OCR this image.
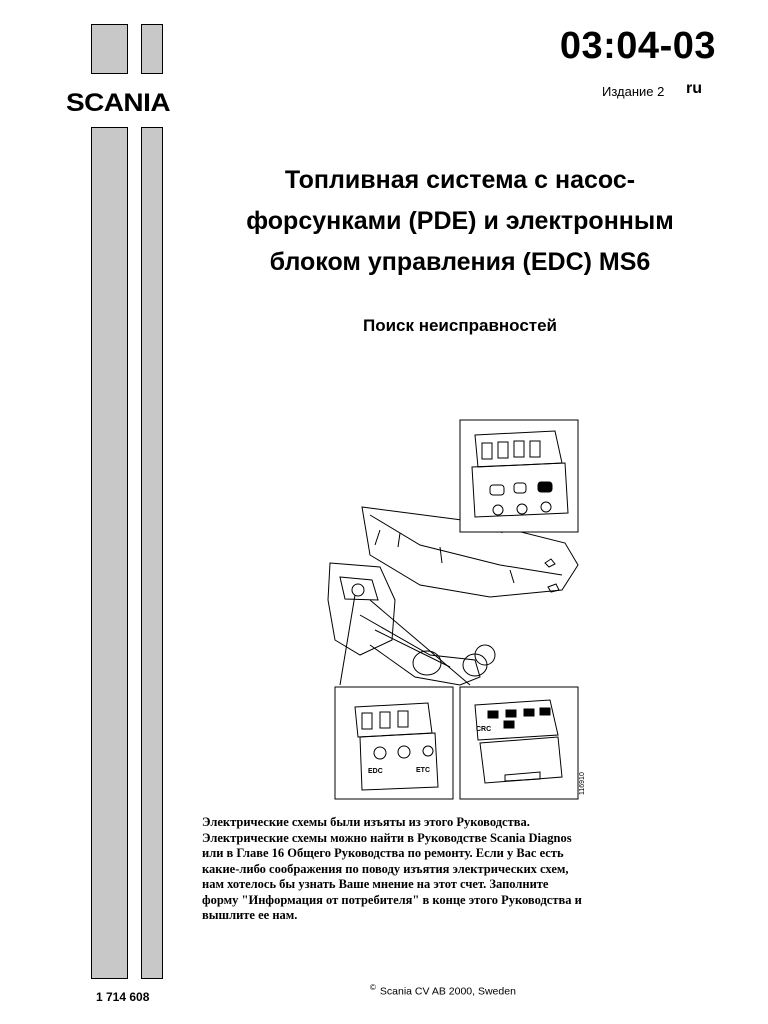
SCANIA
03:04-03
Издание 2 ru
Топливная система с насос-
форсунками (PDE) и электронным
блоком управления (EDC) MS6
Поиск неисправностей
EDC	ETC
CRC
116910
Электрические схемы были изъяты из этого Руководства. Электрические схемы можно найти в Руководстве Scania Diagnos или в Главе 16 Общего Руководства по ремонту. Если у Вас есть какие-либо соображения по поводу изъятия электрических схем, нам хотелось бы узнать Ваше мнение на этот счет. Заполните форму "Информация от потребителя" в конце этого Руководства и вышлите ее нам.
© Scania CV AB 2000, Sweden
1 714 608
